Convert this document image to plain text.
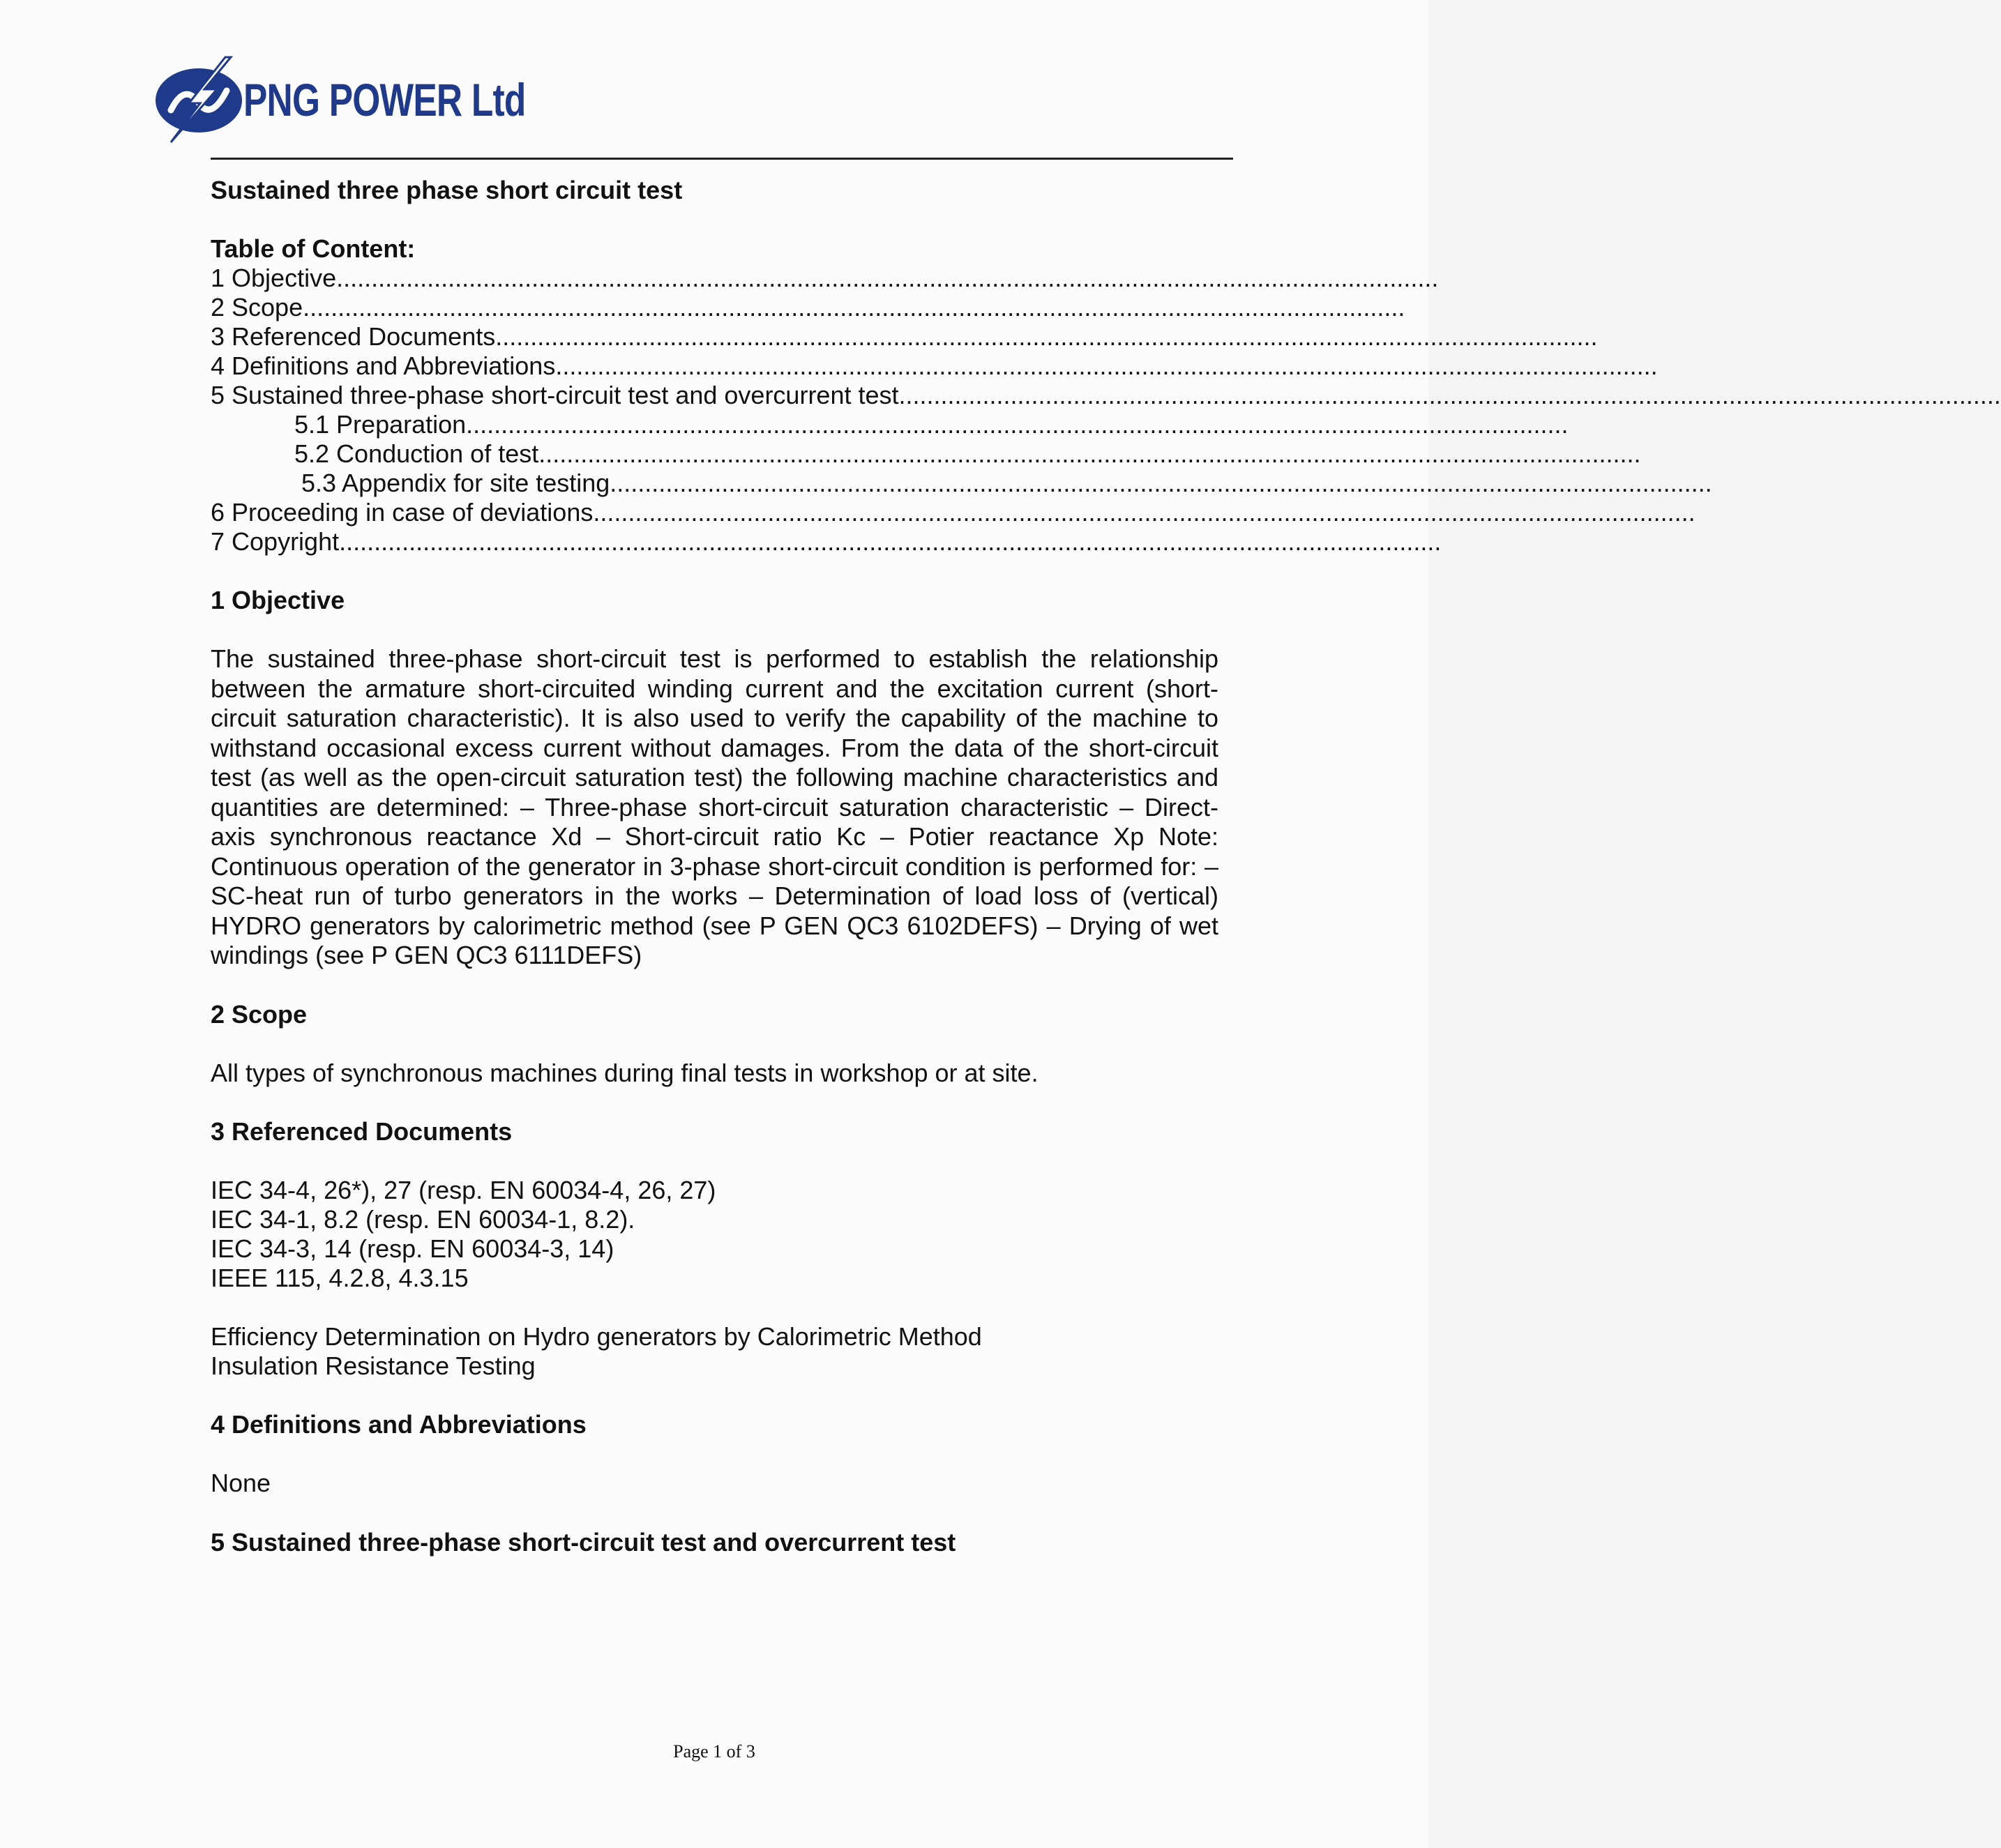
PNG POWER Ltd

Sustained three phase short circuit test

Table of Content:

1 Objective..............................................................................................................................................................
2 Scope..............................................................................................................................................................
3 Referenced Documents..............................................................................................................................................................
4 Definitions and Abbreviations..............................................................................................................................................................
5 Sustained three-phase short-circuit test and overcurrent test..............................................................................................................................................................
5.1 Preparation..............................................................................................................................................................
5.2 Conduction of test..............................................................................................................................................................
5.3 Appendix for site testing..............................................................................................................................................................
6 Proceeding in case of deviations..............................................................................................................................................................
7 Copyright..............................................................................................................................................................

1 Objective

The sustained three-phase short-circuit test is performed to establish the relationship between the armature short-circuited winding current and the excitation current (short-circuit saturation characteristic). It is also used to verify the capability of the machine to withstand occasional excess current without damages. From the data of the short-circuit test (as well as the open-circuit saturation test) the following machine characteristics and quantities are determined: – Three-phase short-circuit saturation characteristic – Direct-axis synchronous reactance Xd – Short-circuit ratio Kc – Potier reactance Xp Note: Continuous operation of the generator in 3-phase short-circuit condition is performed for: – SC-heat run of turbo generators in the works – Determination of load loss of (vertical) HYDRO generators by calorimetric method (see P GEN QC3 6102DEFS) – Drying of wet windings (see P GEN QC3 6111DEFS)

2 Scope

All types of synchronous machines during final tests in workshop or at site.

3 Referenced Documents

IEC 34-4, 26*), 27 (resp. EN 60034-4, 26, 27)
IEC 34-1, 8.2 (resp. EN 60034-1, 8.2).
IEC 34-3, 14 (resp. EN 60034-3, 14)
IEEE 115, 4.2.8, 4.3.15
Efficiency Determination on Hydro generators by Calorimetric Method
Insulation Resistance Testing

4 Definitions and Abbreviations

None

5 Sustained three-phase short-circuit test and overcurrent test

Page 1 of 3
